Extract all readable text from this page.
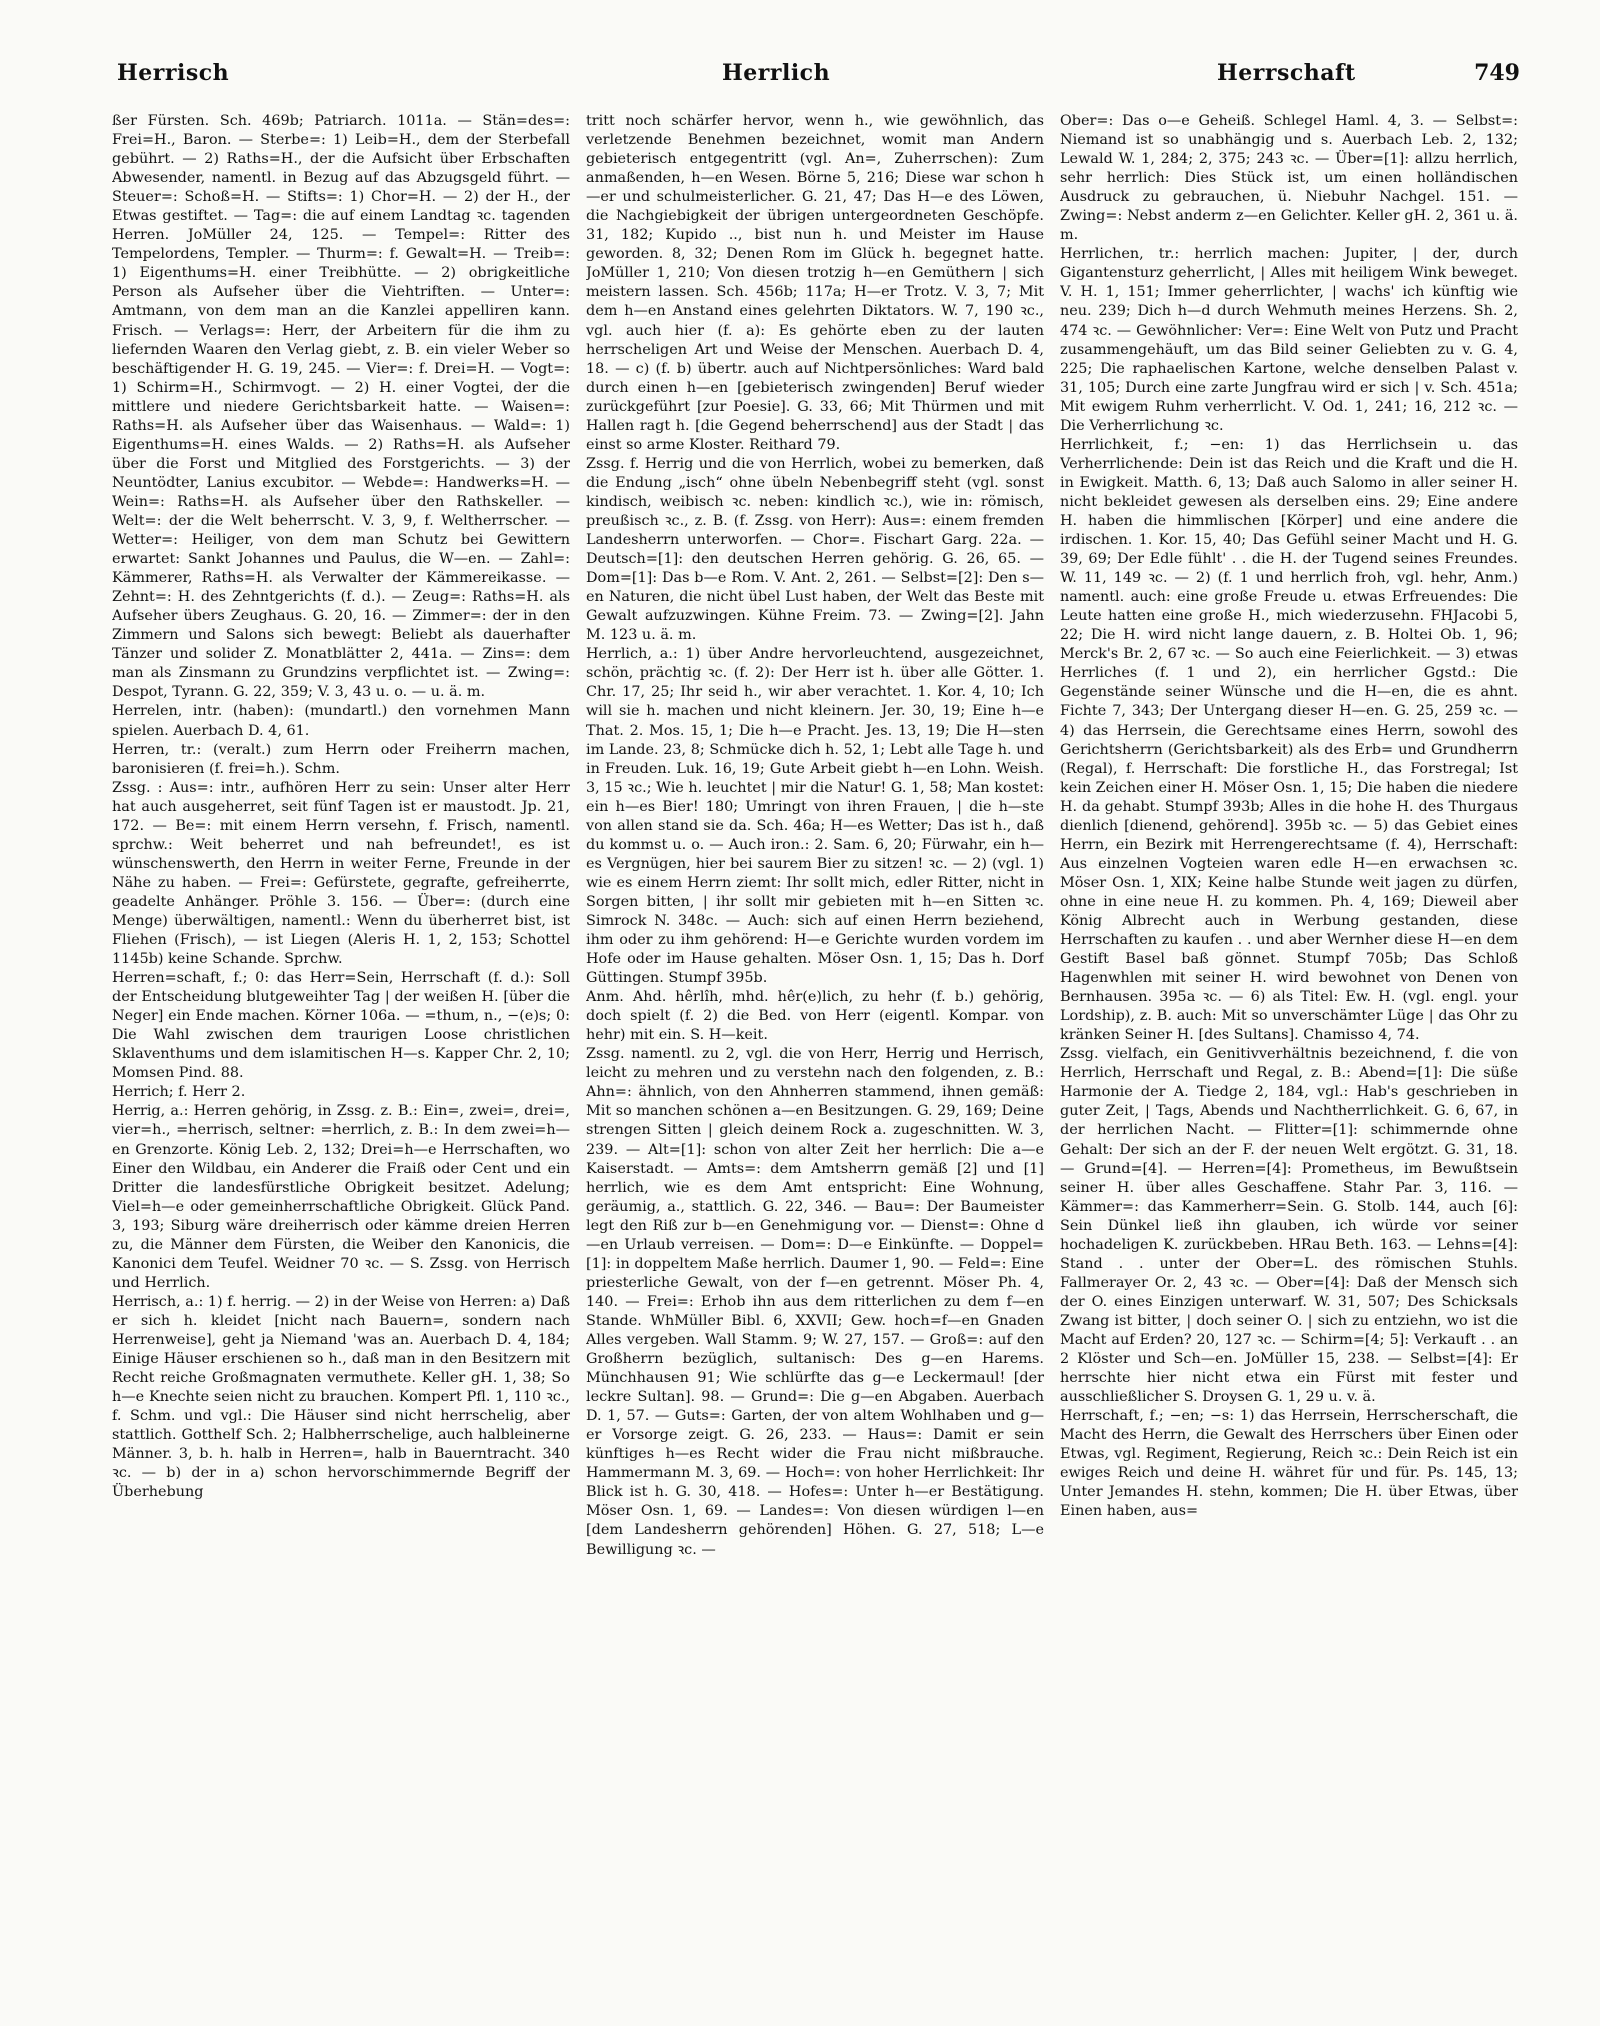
Herrisch	Herrlich	Herrschaft	749

ßer Fürsten. Sch. 469b; Patriarch. 1011a. — Stän=des=: Frei=H., Baron. — Sterbe=: 1) Leib=H., dem der Sterbefall gebührt. — 2) Raths=H., der die Aufsicht über Erbschaften Abwesender, namentl. in Bezug auf das Abzugsgeld führt. — Steuer=: Schoß=H. — Stifts=: 1) Chor=H. — 2) der H., der Etwas gestiftet. — Tag=: die auf einem Landtag ꝛc. tagenden Herren. JoMüller 24, 125. — Tempel=: Ritter des Tempelordens, Templer. — Thurm=: f. Gewalt=H. — Treib=: 1) Eigenthums=H. einer Treibhütte. — 2) obrigkeitliche Person als Aufseher über die Viehtriften. — Unter=: Amtmann, von dem man an die Kanzlei appelliren kann. Frisch. — Verlags=: Herr, der Arbeitern für die ihm zu liefernden Waaren den Verlag giebt, z. B. ein vieler Weber so beschäftigender H. G. 19, 245. — Vier=: f. Drei=H. — Vogt=: 1) Schirm=H., Schirmvogt. — 2) H. einer Vogtei, der die mittlere und niedere Gerichtsbarkeit hatte. — Waisen=: Raths=H. als Aufseher über das Waisenhaus. — Wald=: 1) Eigenthums=H. eines Walds. — 2) Raths=H. als Aufseher über die Forst und Mitglied des Forstgerichts. — 3) der Neuntödter, Lanius excubitor. — Webde=: Handwerks=H. — Wein=: Raths=H. als Aufseher über den Rathskeller. — Welt=: der die Welt beherrscht. V. 3, 9, f. Weltherrscher. — Wetter=: Heiliger, von dem man Schutz bei Gewittern erwartet: Sankt Johannes und Paulus, die W—en. — Zahl=: Kämmerer, Raths=H. als Verwalter der Kämmereikasse. — Zehnt=: H. des Zehntgerichts (f. d.). — Zeug=: Raths=H. als Aufseher übers Zeughaus. G. 20, 16. — Zimmer=: der in den Zimmern und Salons sich bewegt: Beliebt als dauerhafter Tänzer und solider Z. Monatblätter 2, 441a. — Zins=: dem man als Zinsmann zu Grundzins verpflichtet ist. — Zwing=: Despot, Tyrann. G. 22, 359; V. 3, 43 u. o. — u. ä. m.

Herrelen, intr. (haben): (mundartl.) den vornehmen Mann spielen. Auerbach D. 4, 61.

Herren, tr.: (veralt.) zum Herrn oder Freiherrn machen, baronisieren (f. frei=h.). Schm.

Zssg. : Aus=: intr., aufhören Herr zu sein: Unser alter Herr hat auch ausgeherret, seit fünf Tagen ist er maustodt. Jp. 21, 172. — Be=: mit einem Herrn versehn, f. Frisch, namentl. sprchw.: Weit beherret und nah befreundet!, es ist wünschenswerth, den Herrn in weiter Ferne, Freunde in der Nähe zu haben. — Frei=: Gefürstete, gegrafte, gefreiherrte, geadelte Anhänger. Pröhle 3. 156. — Über=: (durch eine Menge) überwältigen, namentl.: Wenn du überherret bist, ist Fliehen (Frisch), — ist Liegen (Aleris H. 1, 2, 153; Schottel 1145b) keine Schande. Sprchw.

Herren=schaft, f.; 0: das Herr=Sein, Herrschaft (f. d.): Soll der Entscheidung blutgeweihter Tag | der weißen H. [über die Neger] ein Ende machen. Körner 106a. — =thum, n., −(e)s; 0: Die Wahl zwischen dem traurigen Loose christlichen Sklaventhums und dem islamitischen H—s. Kapper Chr. 2, 10; Momsen Pind. 88.

Herrich; f. Herr 2.

Herrig, a.: Herren gehörig, in Zssg. z. B.: Ein=, zwei=, drei=, vier=h., =herrisch, seltner: =herrlich, z. B.: In dem zwei=h—en Grenzorte. König Leb. 2, 132; Drei=h—e Herrschaften, wo Einer den Wildbau, ein Anderer die Fraiß oder Cent und ein Dritter die landesfürstliche Obrigkeit besitzet. Adelung; Viel=h—e oder gemeinherrschaftliche Obrigkeit. Glück Pand. 3, 193; Siburg wäre dreiherrisch oder kämme dreien Herren zu, die Männer dem Fürsten, die Weiber den Kanonicis, die Kanonici dem Teufel. Weidner 70 ꝛc. — S. Zssg. von Herrisch und Herrlich.

Herrisch, a.: 1) f. herrig. — 2) in der Weise von Herren: a) Daß er sich h. kleidet [nicht nach Bauern=, sondern nach Herrenweise], geht ja Niemand 'was an. Auerbach D. 4, 184; Einige Häuser erschienen so h., daß man in den Besitzern mit Recht reiche Großmagnaten vermuthete. Keller gH. 1, 38; So h—e Knechte seien nicht zu brauchen. Kompert Pfl. 1, 110 ꝛc., f. Schm. und vgl.: Die Häuser sind nicht herrschelig, aber stattlich. Gotthelf Sch. 2; Halbherrschelige, auch halbleinerne Männer. 3, b. h. halb in Herren=, halb in Bauerntracht. 340 ꝛc. — b) der in a) schon hervorschimmernde Begriff der Überhebung

tritt noch schärfer hervor, wenn h., wie gewöhnlich, das verletzende Benehmen bezeichnet, womit man Andern gebieterisch entgegentritt (vgl. An=, Zuherrschen): Zum anmaßenden, h—en Wesen. Börne 5, 216; Diese war schon h—er und schulmeisterlicher. G. 21, 47; Das H—e des Löwen, die Nachgiebigkeit der übrigen untergeordneten Geschöpfe. 31, 182; Kupido .., bist nun h. und Meister im Hause geworden. 8, 32; Denen Rom im Glück h. begegnet hatte. JoMüller 1, 210; Von diesen trotzig h—en Gemüthern | sich meistern lassen. Sch. 456b; 117a; H—er Trotz. V. 3, 7; Mit dem h—en Anstand eines gelehrten Diktators. W. 7, 190 ꝛc., vgl. auch hier (f. a): Es gehörte eben zu der lauten herrscheligen Art und Weise der Menschen. Auerbach D. 4, 18. — c) (f. b) übertr. auch auf Nichtpersönliches: Ward bald durch einen h—en [gebieterisch zwingenden] Beruf wieder zurückgeführt [zur Poesie]. G. 33, 66; Mit Thürmen und mit Hallen ragt h. [die Gegend beherrschend] aus der Stadt | das einst so arme Kloster. Reithard 79.

Zssg. f. Herrig und die von Herrlich, wobei zu bemerken, daß die Endung „isch“ ohne übeln Nebenbegriff steht (vgl. sonst kindisch, weibisch ꝛc. neben: kindlich ꝛc.), wie in: römisch, preußisch ꝛc., z. B. (f. Zssg. von Herr): Aus=: einem fremden Landesherrn unterworfen. — Chor=. Fischart Garg. 22a. — Deutsch=[1]: den deutschen Herren gehörig. G. 26, 65. — Dom=[1]: Das b—e Rom. V. Ant. 2, 261. — Selbst=[2]: Den s—en Naturen, die nicht übel Lust haben, der Welt das Beste mit Gewalt aufzuzwingen. Kühne Freim. 73. — Zwing=[2]. Jahn M. 123 u. ä. m.

Herrlich, a.: 1) über Andre hervorleuchtend, ausgezeichnet, schön, prächtig ꝛc. (f. 2): Der Herr ist h. über alle Götter. 1. Chr. 17, 25; Ihr seid h., wir aber verachtet. 1. Kor. 4, 10; Ich will sie h. machen und nicht kleinern. Jer. 30, 19; Eine h—e That. 2. Mos. 15, 1; Die h—e Pracht. Jes. 13, 19; Die H—sten im Lande. 23, 8; Schmücke dich h. 52, 1; Lebt alle Tage h. und in Freuden. Luk. 16, 19; Gute Arbeit giebt h—en Lohn. Weish. 3, 15 ꝛc.; Wie h. leuchtet | mir die Natur! G. 1, 58; Man kostet: ein h—es Bier! 180; Umringt von ihren Frauen, | die h—ste von allen stand sie da. Sch. 46a; H—es Wetter; Das ist h., daß du kommst u. o. — Auch iron.: 2. Sam. 6, 20; Fürwahr, ein h—es Vergnügen, hier bei saurem Bier zu sitzen! ꝛc. — 2) (vgl. 1) wie es einem Herrn ziemt: Ihr sollt mich, edler Ritter, nicht in Sorgen bitten, | ihr sollt mir gebieten mit h—en Sitten ꝛc. Simrock N. 348c. — Auch: sich auf einen Herrn beziehend, ihm oder zu ihm gehörend: H—e Gerichte wurden vordem im Hofe oder im Hause gehalten. Möser Osn. 1, 15; Das h. Dorf Güttingen. Stumpf 395b.

Anm. Ahd. hêrlîh, mhd. hêr(e)lich, zu hehr (f. b.) gehörig, doch spielt (f. 2) die Bed. von Herr (eigentl. Kompar. von hehr) mit ein. S. H—keit.

Zssg. namentl. zu 2, vgl. die von Herr, Herrig und Herrisch, leicht zu mehren und zu verstehn nach den folgenden, z. B.: Ahn=: ähnlich, von den Ahnherren stammend, ihnen gemäß: Mit so manchen schönen a—en Besitzungen. G. 29, 169; Deine strengen Sitten | gleich deinem Rock a. zugeschnitten. W. 3, 239. — Alt=[1]: schon von alter Zeit her herrlich: Die a—e Kaiserstadt. — Amts=: dem Amtsherrn gemäß [2] und [1] herrlich, wie es dem Amt entspricht: Eine Wohnung, geräumig, a., stattlich. G. 22, 346. — Bau=: Der Baumeister legt den Riß zur b—en Genehmigung vor. — Dienst=: Ohne d—en Urlaub verreisen. — Dom=: D—e Einkünfte. — Doppel=[1]: in doppeltem Maße herrlich. Daumer 1, 90. — Feld=: Eine priesterliche Gewalt, von der f—en getrennt. Möser Ph. 4, 140. — Frei=: Erhob ihn aus dem ritterlichen zu dem f—en Stande. WhMüller Bibl. 6, XXVII; Gew. hoch=f—en Gnaden Alles vergeben. Wall Stamm. 9; W. 27, 157. — Groß=: auf den Großherrn bezüglich, sultanisch: Des g—en Harems. Münchhausen 91; Wie schlürfte das g—e Leckermaul! [der leckre Sultan]. 98. — Grund=: Die g—en Abgaben. Auerbach D. 1, 57. — Guts=: Garten, der von altem Wohlhaben und g—er Vorsorge zeigt. G. 26, 233. — Haus=: Damit er sein künftiges h—es Recht wider die Frau nicht mißbrauche. Hammermann M. 3, 69. — Hoch=: von hoher Herrlichkeit: Ihr Blick ist h. G. 30, 418. — Hofes=: Unter h—er Bestätigung. Möser Osn. 1, 69. — Landes=: Von diesen würdigen l—en [dem Landesherrn gehörenden] Höhen. G. 27, 518; L—e Bewilligung ꝛc. —

Ober=: Das o—e Geheiß. Schlegel Haml. 4, 3. — Selbst=: Niemand ist so unabhängig und s. Auerbach Leb. 2, 132; Lewald W. 1, 284; 2, 375; 243 ꝛc. — Über=[1]: allzu herrlich, sehr herrlich: Dies Stück ist, um einen holländischen Ausdruck zu gebrauchen, ü. Niebuhr Nachgel. 151. — Zwing=: Nebst anderm z—en Gelichter. Keller gH. 2, 361 u. ä. m.

Herrlichen, tr.: herrlich machen: Jupiter, | der, durch Gigantensturz geherrlicht, | Alles mit heiligem Wink beweget. V. H. 1, 151; Immer geherrlichter, | wachs' ich künftig wie neu. 239; Dich h—d durch Wehmuth meines Herzens. Sh. 2, 474 ꝛc. — Gewöhnlicher: Ver=: Eine Welt von Putz und Pracht zusammengehäuft, um das Bild seiner Geliebten zu v. G. 4, 225; Die raphaelischen Kartone, welche denselben Palast v. 31, 105; Durch eine zarte Jungfrau wird er sich | v. Sch. 451a; Mit ewigem Ruhm verherrlicht. V. Od. 1, 241; 16, 212 ꝛc. — Die Verherrlichung ꝛc.

Herrlichkeit, f.; −en: 1) das Herrlichsein u. das Verherrlichende: Dein ist das Reich und die Kraft und die H. in Ewigkeit. Matth. 6, 13; Daß auch Salomo in aller seiner H. nicht bekleidet gewesen als derselben eins. 29; Eine andere H. haben die himmlischen [Körper] und eine andere die irdischen. 1. Kor. 15, 40; Das Gefühl seiner Macht und H. G. 39, 69; Der Edle fühlt' . . die H. der Tugend seines Freundes. W. 11, 149 ꝛc. — 2) (f. 1 und herrlich froh, vgl. hehr, Anm.) namentl. auch: eine große Freude u. etwas Erfreuendes: Die Leute hatten eine große H., mich wiederzusehn. FHJacobi 5, 22; Die H. wird nicht lange dauern, z. B. Holtei Ob. 1, 96; Merck's Br. 2, 67 ꝛc. — So auch eine Feierlichkeit. — 3) etwas Herrliches (f. 1 und 2), ein herrlicher Ggstd.: Die Gegenstände seiner Wünsche und die H—en, die es ahnt. Fichte 7, 343; Der Untergang dieser H—en. G. 25, 259 ꝛc. — 4) das Herrsein, die Gerechtsame eines Herrn, sowohl des Gerichtsherrn (Gerichtsbarkeit) als des Erb= und Grundherrn (Regal), f. Herrschaft: Die forstliche H., das Forstregal; Ist kein Zeichen einer H. Möser Osn. 1, 15; Die haben die niedere H. da gehabt. Stumpf 393b; Alles in die hohe H. des Thurgaus dienlich [dienend, gehörend]. 395b ꝛc. — 5) das Gebiet eines Herrn, ein Bezirk mit Herrengerechtsame (f. 4), Herrschaft: Aus einzelnen Vogteien waren edle H—en erwachsen ꝛc. Möser Osn. 1, XIX; Keine halbe Stunde weit jagen zu dürfen, ohne in eine neue H. zu kommen. Ph. 4, 169; Dieweil aber König Albrecht auch in Werbung gestanden, diese Herrschaften zu kaufen . . und aber Wernher diese H—en dem Gestift Basel baß gönnet. Stumpf 705b; Das Schloß Hagenwhlen mit seiner H. wird bewohnet von Denen von Bernhausen. 395a ꝛc. — 6) als Titel: Ew. H. (vgl. engl. your Lordship), z. B. auch: Mit so unverschämter Lüge | das Ohr zu kränken Seiner H. [des Sultans]. Chamisso 4, 74.

Zssg. vielfach, ein Genitivverhältnis bezeichnend, f. die von Herrlich, Herrschaft und Regal, z. B.: Abend=[1]: Die süße Harmonie der A. Tiedge 2, 184, vgl.: Hab's geschrieben in guter Zeit, | Tags, Abends und Nachtherrlichkeit. G. 6, 67, in der herrlichen Nacht. — Flitter=[1]: schimmernde ohne Gehalt: Der sich an der F. der neuen Welt ergötzt. G. 31, 18. — Grund=[4]. — Herren=[4]: Prometheus, im Bewußtsein seiner H. über alles Geschaffene. Stahr Par. 3, 116. — Kämmer=: das Kammerherr=Sein. G. Stolb. 144, auch [6]: Sein Dünkel ließ ihn glauben, ich würde vor seiner hochadeligen K. zurückbeben. HRau Beth. 163. — Lehns=[4]: Stand . . unter der Ober=L. des römischen Stuhls. Fallmerayer Or. 2, 43 ꝛc. — Ober=[4]: Daß der Mensch sich der O. eines Einzigen unterwarf. W. 31, 507; Des Schicksals Zwang ist bitter, | doch seiner O. | sich zu entziehn, wo ist die Macht auf Erden? 20, 127 ꝛc. — Schirm=[4; 5]: Verkauft . . an 2 Klöster und Sch—en. JoMüller 15, 238. — Selbst=[4]: Er herrschte hier nicht etwa ein Fürst mit fester und ausschließlicher S. Droysen G. 1, 29 u. v. ä.

Herrschaft, f.; −en; −s: 1) das Herrsein, Herrscherschaft, die Macht des Herrn, die Gewalt des Herrschers über Einen oder Etwas, vgl. Regiment, Regierung, Reich ꝛc.: Dein Reich ist ein ewiges Reich und deine H. währet für und für. Ps. 145, 13; Unter Jemandes H. stehn, kommen; Die H. über Etwas, über Einen haben, aus=
